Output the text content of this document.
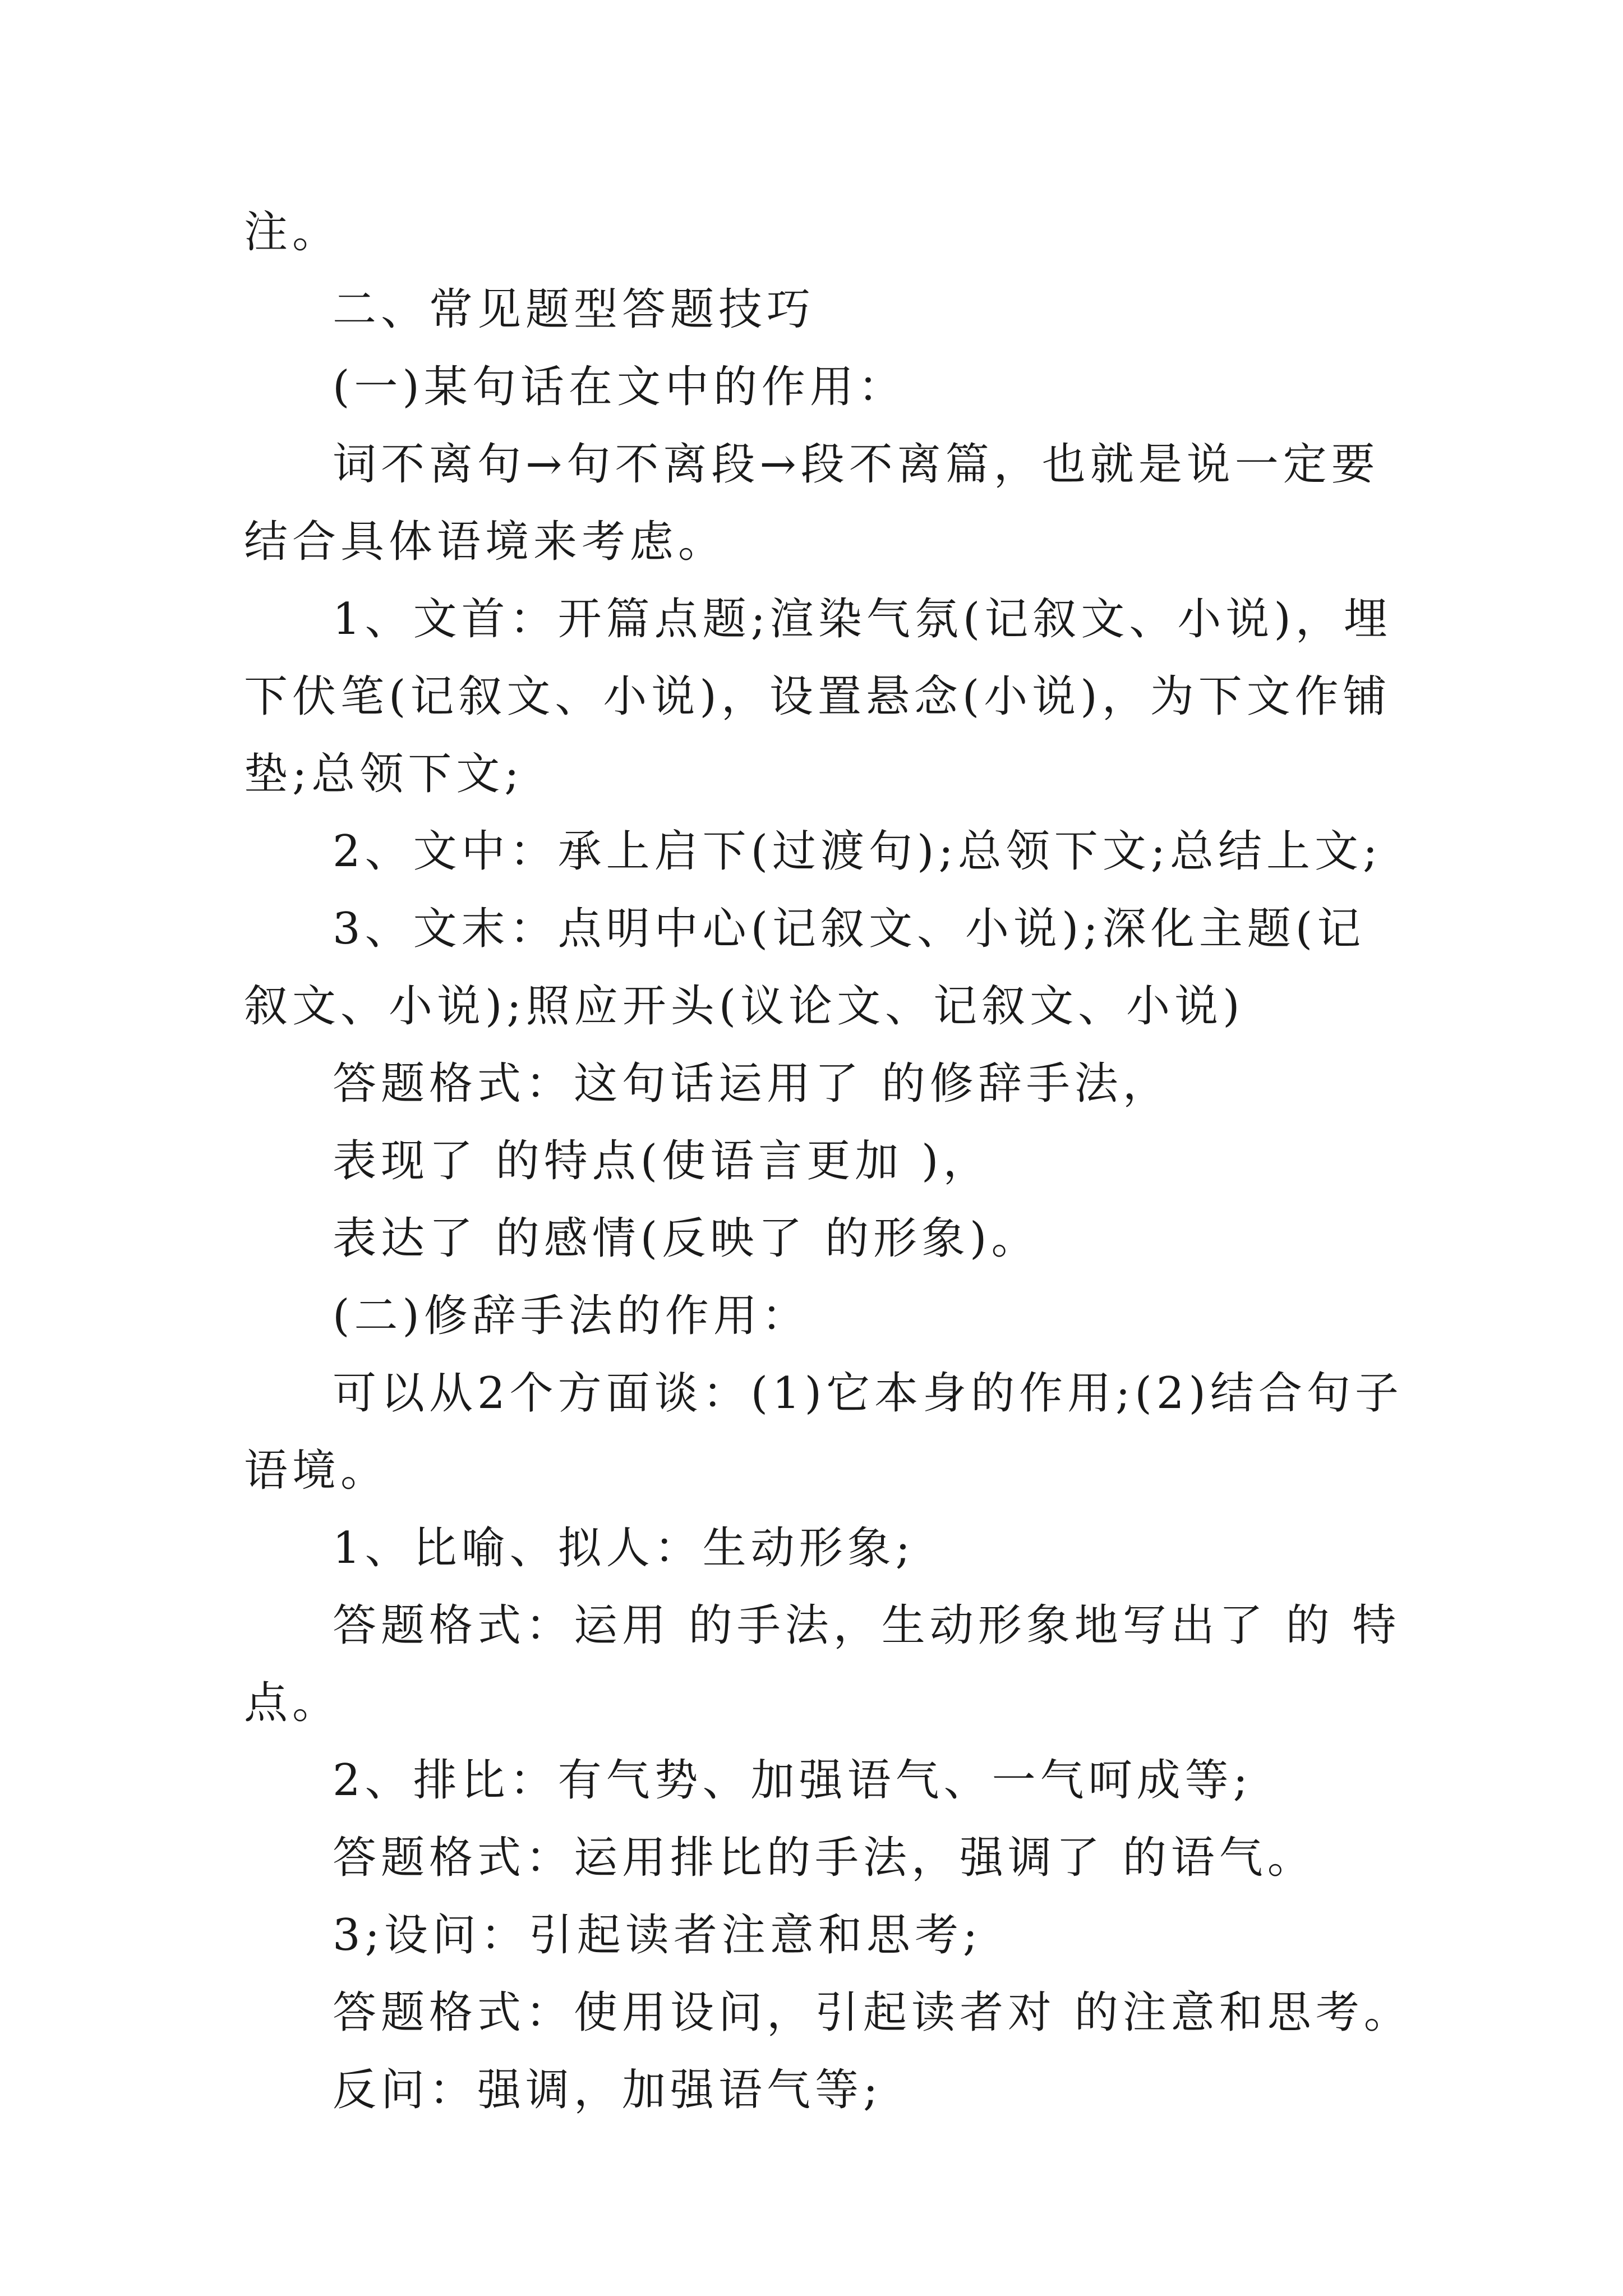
注。

二、常见题型答题技巧

(一)某句话在文中的作用：

词不离句→句不离段→段不离篇，也就是说一定要结合具体语境来考虑。

1、文首：开篇点题;渲染气氛(记叙文、小说)，埋下伏笔(记叙文、小说)，设置悬念(小说)，为下文作铺垫;总领下文;

2、文中：承上启下(过渡句);总领下文;总结上文;

3、文末：点明中心(记叙文、小说);深化主题(记叙文、小说);照应开头(议论文、记叙文、小说)

答题格式：这句话运用了 的修辞手法，

表现了 的特点(使语言更加 )，

表达了 的感情(反映了 的形象)。

(二)修辞手法的作用：

可以从2个方面谈：(1)它本身的作用;(2)结合句子语境。

1、比喻、拟人：生动形象;

答题格式：运用 的手法，生动形象地写出了 的 特点。

2、排比：有气势、加强语气、一气呵成等;

答题格式：运用排比的手法，强调了 的语气。

3;设问：引起读者注意和思考;

答题格式：使用设问，引起读者对 的注意和思考。

反问：强调，加强语气等;
